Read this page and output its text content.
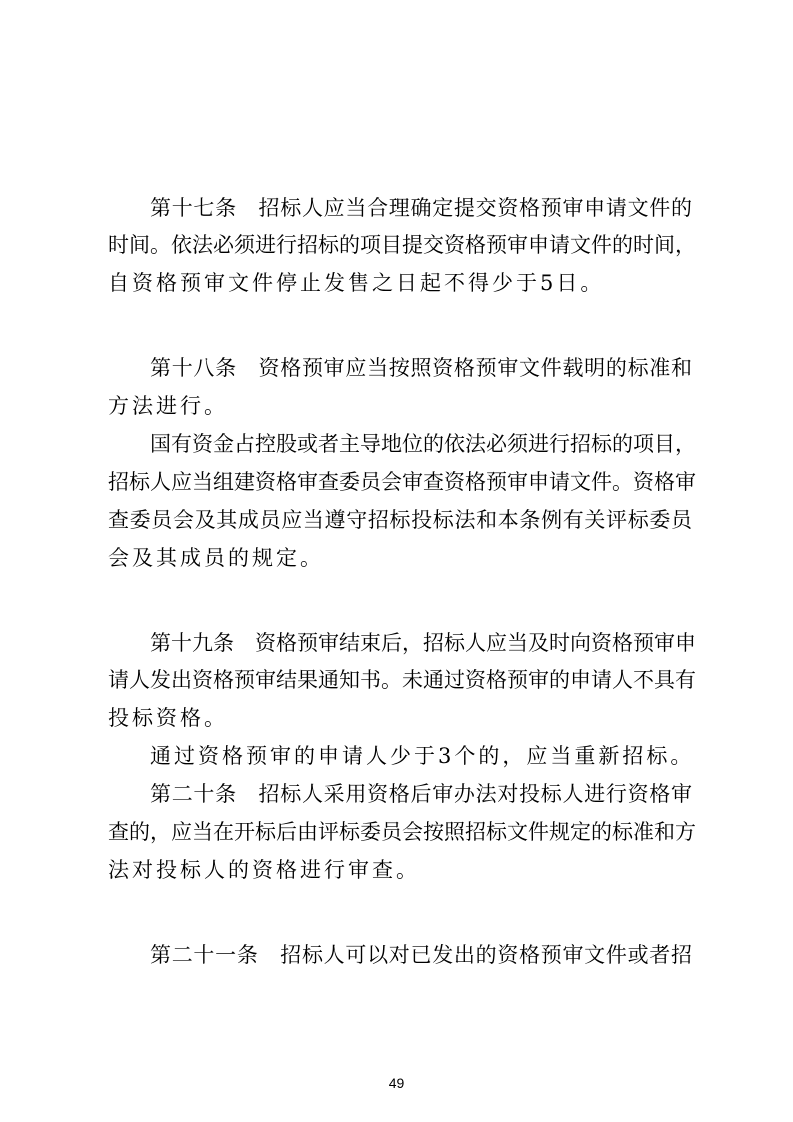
第十七条　招标人应当合理确定提交资格预审申请文件的
时间。依法必须进行招标的项目提交资格预审申请文件的时间，
自资格预审文件停止发售之日起不得少于5日。
第十八条　资格预审应当按照资格预审文件载明的标准和
方法进行。
国有资金占控股或者主导地位的依法必须进行招标的项目，
招标人应当组建资格审查委员会审查资格预审申请文件。资格审
查委员会及其成员应当遵守招标投标法和本条例有关评标委员
会及其成员的规定。
第十九条　资格预审结束后，招标人应当及时向资格预审申
请人发出资格预审结果通知书。未通过资格预审的申请人不具有
投标资格。
通过资格预审的申请人少于3个的，应当重新招标。
第二十条　招标人采用资格后审办法对投标人进行资格审
查的，应当在开标后由评标委员会按照招标文件规定的标准和方
法对投标人的资格进行审查。
第二十一条　招标人可以对已发出的资格预审文件或者招
49
